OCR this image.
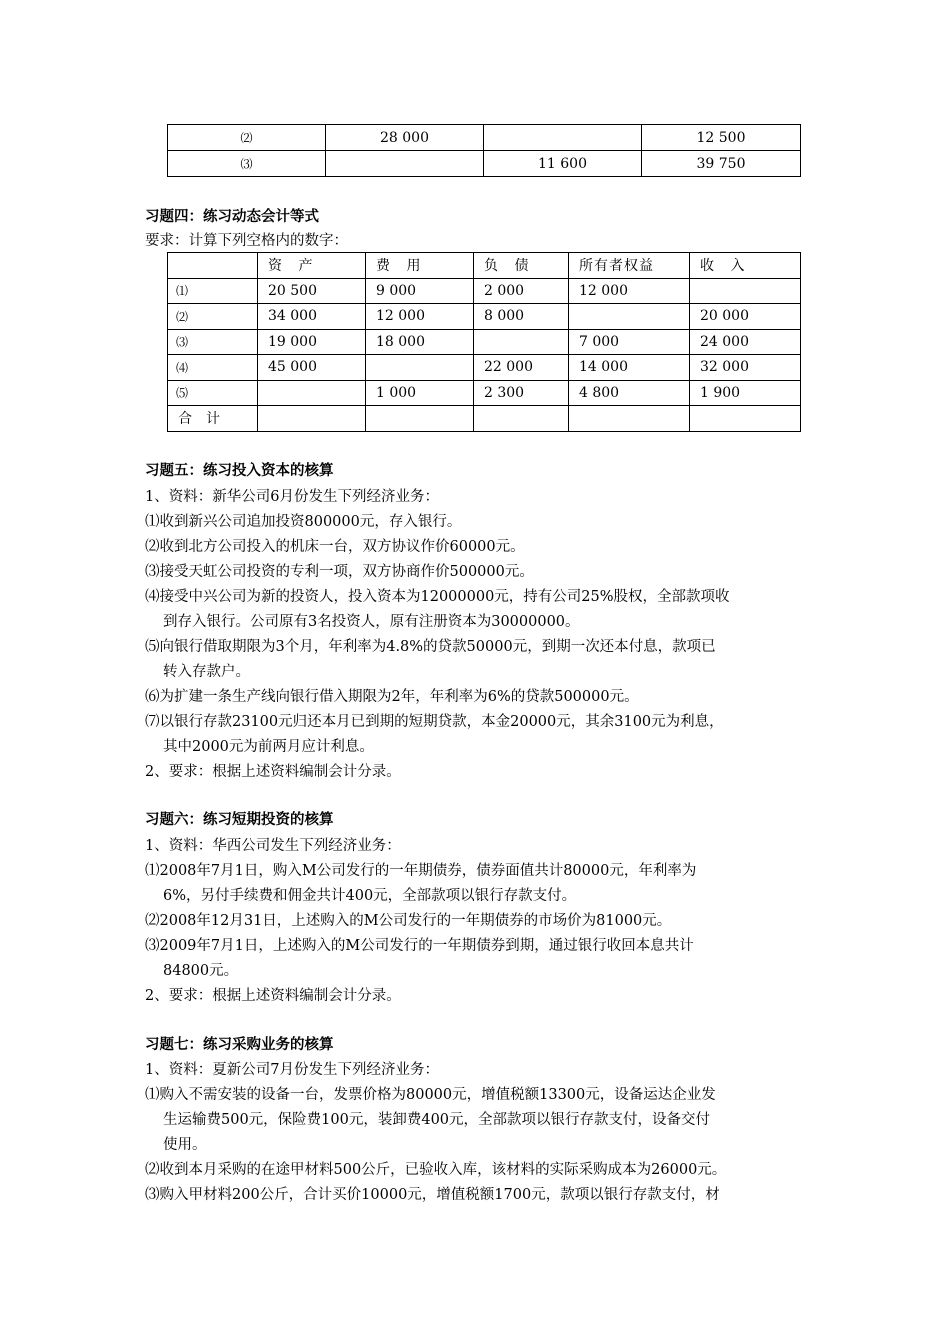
⑵	28 000		12 500
⑶		11 600	39 750
习题四：练习动态会计等式
要求：计算下列空格内的数字：
	资 产	费 用	负 债	所有者权益	收 入
⑴	20 500	9 000	2 000	12 000	
⑵	34 000	12 000	8 000		20 000
⑶	19 000	18 000		7 000	24 000
⑷	45 000		22 000	14 000	32 000
⑸		1 000	2 300	4 800	1 900
合　计					
习题五：练习投入资本的核算
1、资料：新华公司6月份发生下列经济业务：
⑴收到新兴公司追加投资800000元，存入银行。
⑵收到北方公司投入的机床一台，双方协议作价60000元。
⑶接受天虹公司投资的专利一项，双方协商作价500000元。
⑷接受中兴公司为新的投资人，投入资本为12000000元，持有公司25%股权，全部款项收
到存入银行。公司原有3名投资人，原有注册资本为30000000。
⑸向银行借取期限为3个月，年利率为4.8%的贷款50000元，到期一次还本付息，款项已
转入存款户。
⑹为扩建一条生产线向银行借入期限为2年，年利率为6%的贷款500000元。
⑺以银行存款23100元归还本月已到期的短期贷款，本金20000元，其余3100元为利息，
其中2000元为前两月应计利息。
2、要求：根据上述资料编制会计分录。
习题六：练习短期投资的核算
1、资料：华西公司发生下列经济业务：
⑴2008年7月1日，购入M公司发行的一年期债券，债券面值共计80000元，年利率为
6%，另付手续费和佣金共计400元，全部款项以银行存款支付。
⑵2008年12月31日，上述购入的M公司发行的一年期债券的市场价为81000元。
⑶2009年7月1日，上述购入的M公司发行的一年期债券到期，通过银行收回本息共计
84800元。
2、要求：根据上述资料编制会计分录。
习题七：练习采购业务的核算
1、资料：夏新公司7月份发生下列经济业务：
⑴购入不需安装的设备一台，发票价格为80000元，增值税额13300元，设备运达企业发
生运输费500元，保险费100元，装卸费400元，全部款项以银行存款支付，设备交付
使用。
⑵收到本月采购的在途甲材料500公斤，已验收入库，该材料的实际采购成本为26000元。
⑶购入甲材料200公斤，合计买价10000元，增值税额1700元，款项以银行存款支付，材
